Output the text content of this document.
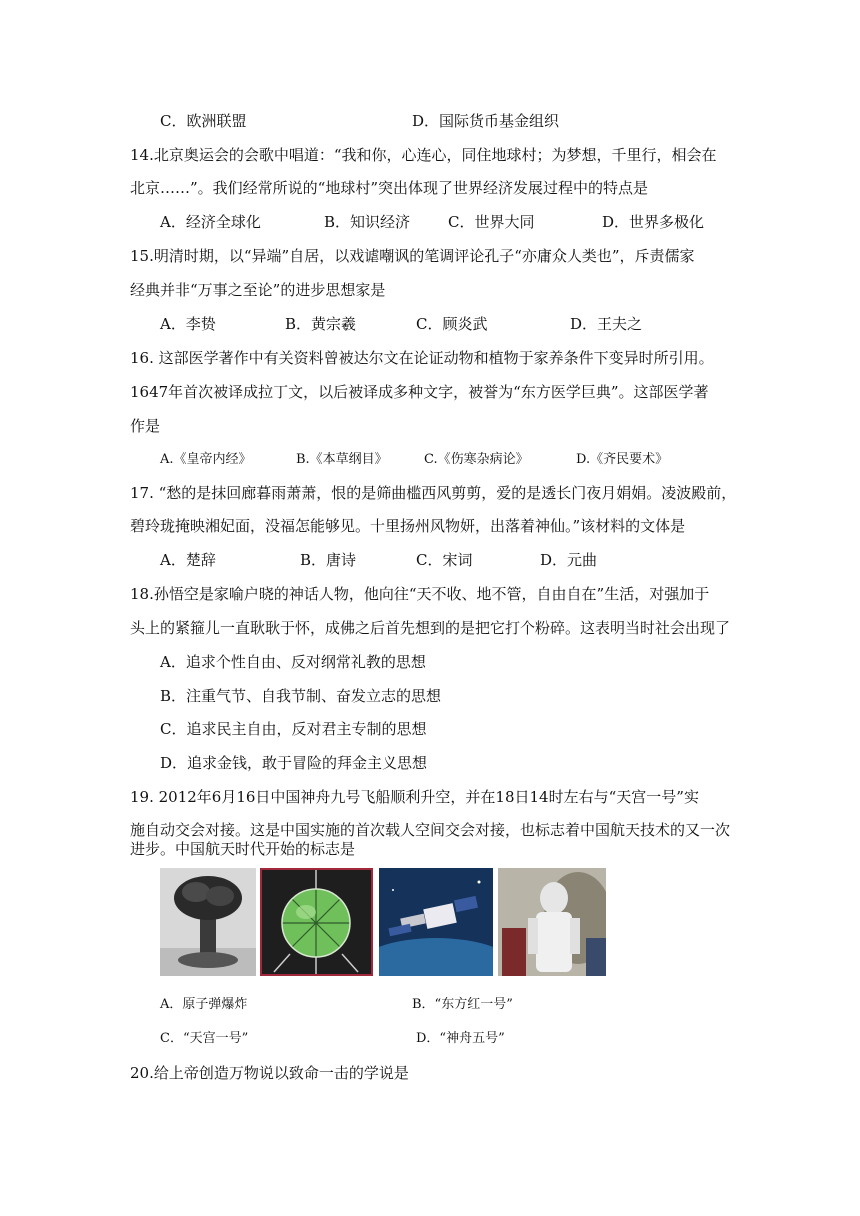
C．欧洲联盟	D．国际货币基金组织
14.北京奥运会的会歌中唱道：“我和你，心连心，同住地球村；为梦想，千里行，相会在
北京……”。我们经常所说的“地球村”突出体现了世界经济发展过程中的特点是
A．经济全球化	B．知识经济	C．世界大同	D．世界多极化
15.明清时期，以“异端”自居，以戏谑嘲讽的笔调评论孔子“亦庸众人类也”，斥责儒家
经典并非“万事之至论”的进步思想家是
A．李贽	B．黄宗羲	C．顾炎武	D．王夫之
16. 这部医学著作中有关资料曾被达尔文在论证动物和植物于家养条件下变异时所引用。
1647年首次被译成拉丁文，以后被译成多种文字，被誉为“东方医学巨典”。这部医学著
作是
A.《皇帝内经》	B.《本草纲目》	C.《伤寒杂病论》	D.《齐民要术》
17. “愁的是抹回廊暮雨萧萧，恨的是筛曲槛西风剪剪，爱的是透长门夜月娟娟。凌波殿前，
碧玲珑掩映湘妃面，没福怎能够见。十里扬州风物妍，出落着神仙。”该材料的文体是
A．楚辞	B．唐诗	C．宋词	D．元曲
18.孙悟空是家喻户晓的神话人物，他向往“天不收、地不管，自由自在”生活，对强加于
头上的紧箍儿一直耿耿于怀，成佛之后首先想到的是把它打个粉碎。这表明当时社会出现了
A．追求个性自由、反对纲常礼教的思想
B．注重气节、自我节制、奋发立志的思想
C．追求民主自由，反对君主专制的思想
D．追求金钱，敢于冒险的拜金主义思想
19. 2012年6月16日中国神舟九号飞船顺利升空，并在18日14时左右与“天宫一号”实
施自动交会对接。这是中国实施的首次载人空间交会对接，也标志着中国航天技术的又一次
进步。中国航天时代开始的标志是
A．原子弹爆炸	B．“东方红一号”
C．“天宫一号”	D．“神舟五号”
20.给上帝创造万物说以致命一击的学说是
